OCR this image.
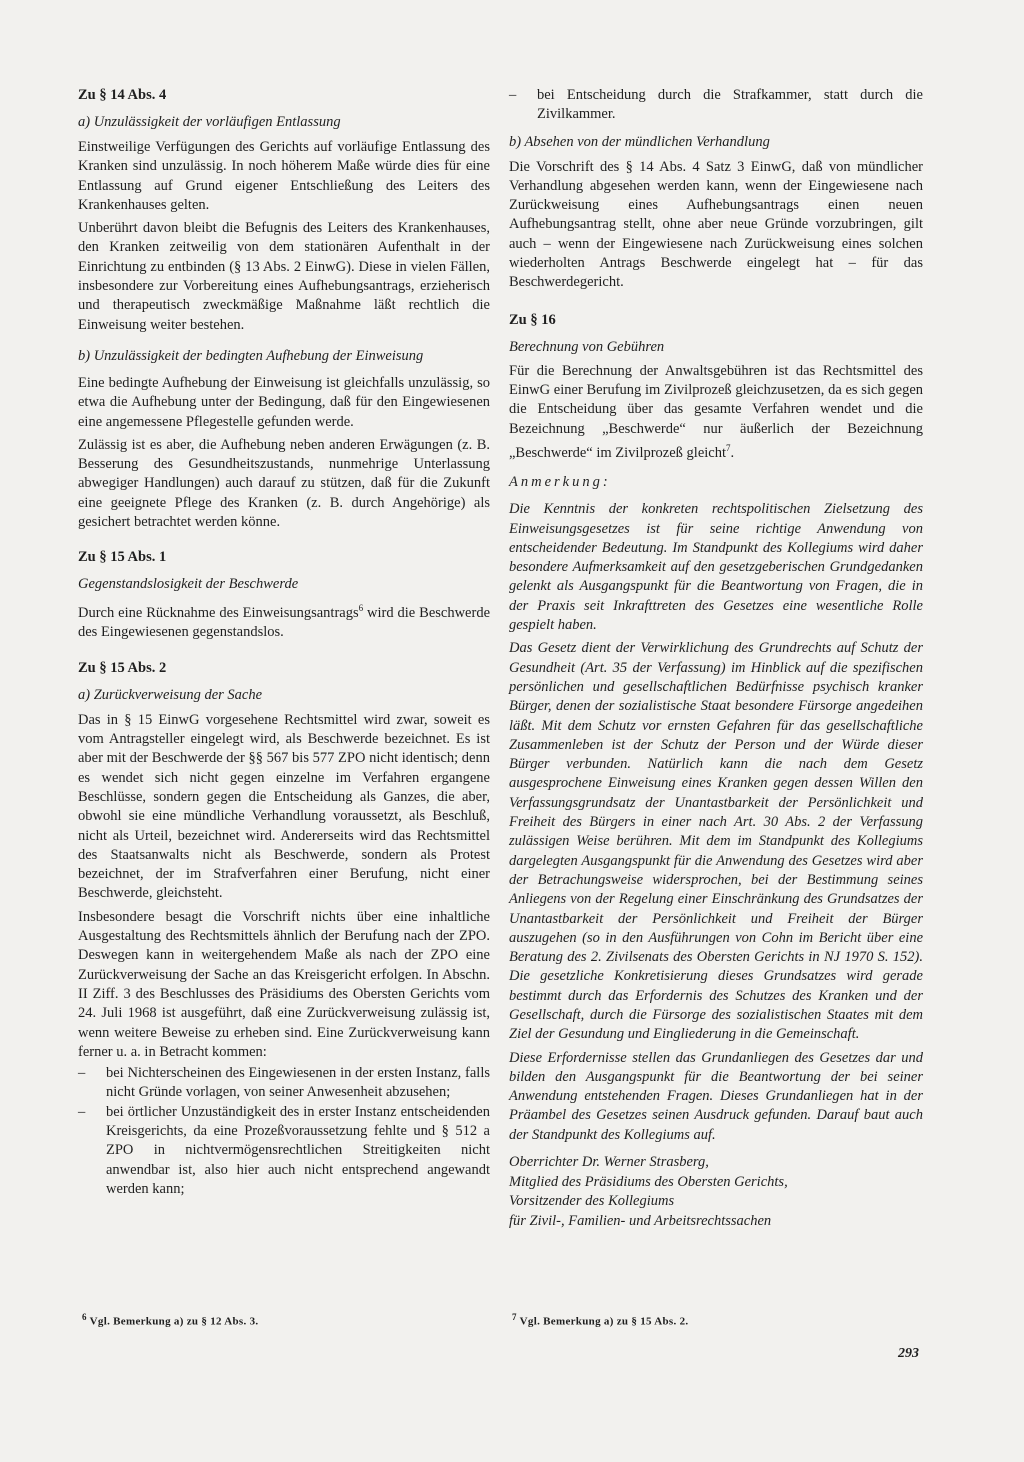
Zu § 14 Abs. 4

a) Unzulässigkeit der vorläufigen Entlassung

Einstweilige Verfügungen des Gerichts auf vorläufige Entlassung des Kranken sind unzulässig. In noch höherem Maße würde dies für eine Entlassung auf Grund eigener Entschließung des Leiters des Krankenhauses gelten.

Unberührt davon bleibt die Befugnis des Leiters des Krankenhauses, den Kranken zeitweilig von dem stationären Aufenthalt in der Einrichtung zu entbinden (§ 13 Abs. 2 EinwG). Diese in vielen Fällen, insbesondere zur Vorbereitung eines Aufhebungsantrags, erzieherisch und therapeutisch zweckmäßige Maßnahme läßt rechtlich die Einweisung weiter bestehen.

b) Unzulässigkeit der bedingten Aufhebung der Einweisung

Eine bedingte Aufhebung der Einweisung ist gleichfalls unzulässig, so etwa die Aufhebung unter der Bedingung, daß für den Eingewiesenen eine angemessene Pflegestelle gefunden werde.

Zulässig ist es aber, die Aufhebung neben anderen Erwägungen (z. B. Besserung des Gesundheitszustands, nunmehrige Unterlassung abwegiger Handlungen) auch darauf zu stützen, daß für die Zukunft eine geeignete Pflege des Kranken (z. B. durch Angehörige) als gesichert betrachtet werden könne.

Zu § 15 Abs. 1

Gegenstandslosigkeit der Beschwerde

Durch eine Rücknahme des Einweisungsantrags$^6$ wird die Beschwerde des Eingewiesenen gegenstandslos.

Zu § 15 Abs. 2

a) Zurückverweisung der Sache

Das in § 15 EinwG vorgesehene Rechtsmittel wird zwar, soweit es vom Antragsteller eingelegt wird, als Beschwerde bezeichnet. Es ist aber mit der Beschwerde der §§ 567 bis 577 ZPO nicht identisch; denn es wendet sich nicht gegen einzelne im Verfahren ergangene Beschlüsse, sondern gegen die Entscheidung als Ganzes, die aber, obwohl sie eine mündliche Verhandlung voraussetzt, als Beschluß, nicht als Urteil, bezeichnet wird. Andererseits wird das Rechtsmittel des Staatsanwalts nicht als Beschwerde, sondern als Protest bezeichnet, der im Strafverfahren einer Berufung, nicht einer Beschwerde, gleichsteht.

Insbesondere besagt die Vorschrift nichts über eine inhaltliche Ausgestaltung des Rechtsmittels ähnlich der Berufung nach der ZPO. Deswegen kann in weitergehendem Maße als nach der ZPO eine Zurückverweisung der Sache an das Kreisgericht erfolgen. In Abschn. II Ziff. 3 des Beschlusses des Präsidiums des Obersten Gerichts vom 24. Juli 1968 ist ausgeführt, daß eine Zurückverweisung zulässig ist, wenn weitere Beweise zu erheben sind. Eine Zurückverweisung kann ferner u. a. in Betracht kommen:

–	bei Nichterscheinen des Eingewiesenen in der ersten Instanz, falls nicht Gründe vorlagen, von seiner Anwesenheit abzusehen;
–	bei örtlicher Unzuständigkeit des in erster Instanz entscheidenden Kreisgerichts, da eine Prozeßvoraussetzung fehlte und § 512 a ZPO in nichtvermögensrechtlichen Streitigkeiten nicht anwendbar ist, also hier auch nicht entsprechend angewandt werden kann;
$^6$ Vgl. Bemerkung a) zu § 12 Abs. 3.
–	bei Entscheidung durch die Strafkammer, statt durch die Zivilkammer.

b) Absehen von der mündlichen Verhandlung

Die Vorschrift des § 14 Abs. 4 Satz 3 EinwG, daß von mündlicher Verhandlung abgesehen werden kann, wenn der Eingewiesene nach Zurückweisung eines Aufhebungsantrags einen neuen Aufhebungsantrag stellt, ohne aber neue Gründe vorzubringen, gilt auch – wenn der Eingewiesene nach Zurückweisung eines solchen wiederholten Antrags Beschwerde eingelegt hat – für das Beschwerdegericht.

Zu § 16

Berechnung von Gebühren

Für die Berechnung der Anwaltsgebühren ist das Rechtsmittel des EinwG einer Berufung im Zivilprozeß gleichzusetzen, da es sich gegen die Entscheidung über das gesamte Verfahren wendet und die Bezeichnung „Beschwerde“ nur äußerlich der Bezeichnung „Beschwerde“ im Zivilprozeß gleicht$^7$.

Anmerkung:

Die Kenntnis der konkreten rechtspolitischen Zielsetzung des Einweisungsgesetzes ist für seine richtige Anwendung von entscheidender Bedeutung. Im Standpunkt des Kollegiums wird daher besondere Aufmerksamkeit auf den gesetzgeberischen Grundgedanken gelenkt als Ausgangspunkt für die Beantwortung von Fragen, die in der Praxis seit Inkrafttreten des Gesetzes eine wesentliche Rolle gespielt haben.

Das Gesetz dient der Verwirklichung des Grundrechts auf Schutz der Gesundheit (Art. 35 der Verfassung) im Hinblick auf die spezifischen persönlichen und gesellschaftlichen Bedürfnisse psychisch kranker Bürger, denen der sozialistische Staat besondere Fürsorge angedeihen läßt. Mit dem Schutz vor ernsten Gefahren für das gesellschaftliche Zusammenleben ist der Schutz der Person und der Würde dieser Bürger verbunden. Natürlich kann die nach dem Gesetz ausgesprochene Einweisung eines Kranken gegen dessen Willen den Verfassungsgrundsatz der Unantastbarkeit der Persönlichkeit und Freiheit des Bürgers in einer nach Art. 30 Abs. 2 der Verfassung zulässigen Weise berühren. Mit dem im Standpunkt des Kollegiums dargelegten Ausgangspunkt für die Anwendung des Gesetzes wird aber der Betrachungsweise widersprochen, bei der Bestimmung seines Anliegens von der Regelung einer Einschränkung des Grundsatzes der Unantastbarkeit der Persönlichkeit und Freiheit der Bürger auszugehen (so in den Ausführungen von Cohn im Bericht über eine Beratung des 2. Zivilsenats des Obersten Gerichts in NJ 1970 S. 152). Die gesetzliche Konkretisierung dieses Grundsatzes wird gerade bestimmt durch das Erfordernis des Schutzes des Kranken und der Gesellschaft, durch die Fürsorge des sozialistischen Staates mit dem Ziel der Gesundung und Eingliederung in die Gemeinschaft.

Diese Erfordernisse stellen das Grundanliegen des Gesetzes dar und bilden den Ausgangspunkt für die Beantwortung der bei seiner Anwendung entstehenden Fragen. Dieses Grundanliegen hat in der Präambel des Gesetzes seinen Ausdruck gefunden. Darauf baut auch der Standpunkt des Kollegiums auf.

Oberrichter Dr. Werner Strasberg,

Mitglied des Präsidiums des Obersten Gerichts,

Vorsitzender des Kollegiums

für Zivil-, Familien- und Arbeitsrechtssachen

$^7$ Vgl. Bemerkung a) zu § 15 Abs. 2.
293
